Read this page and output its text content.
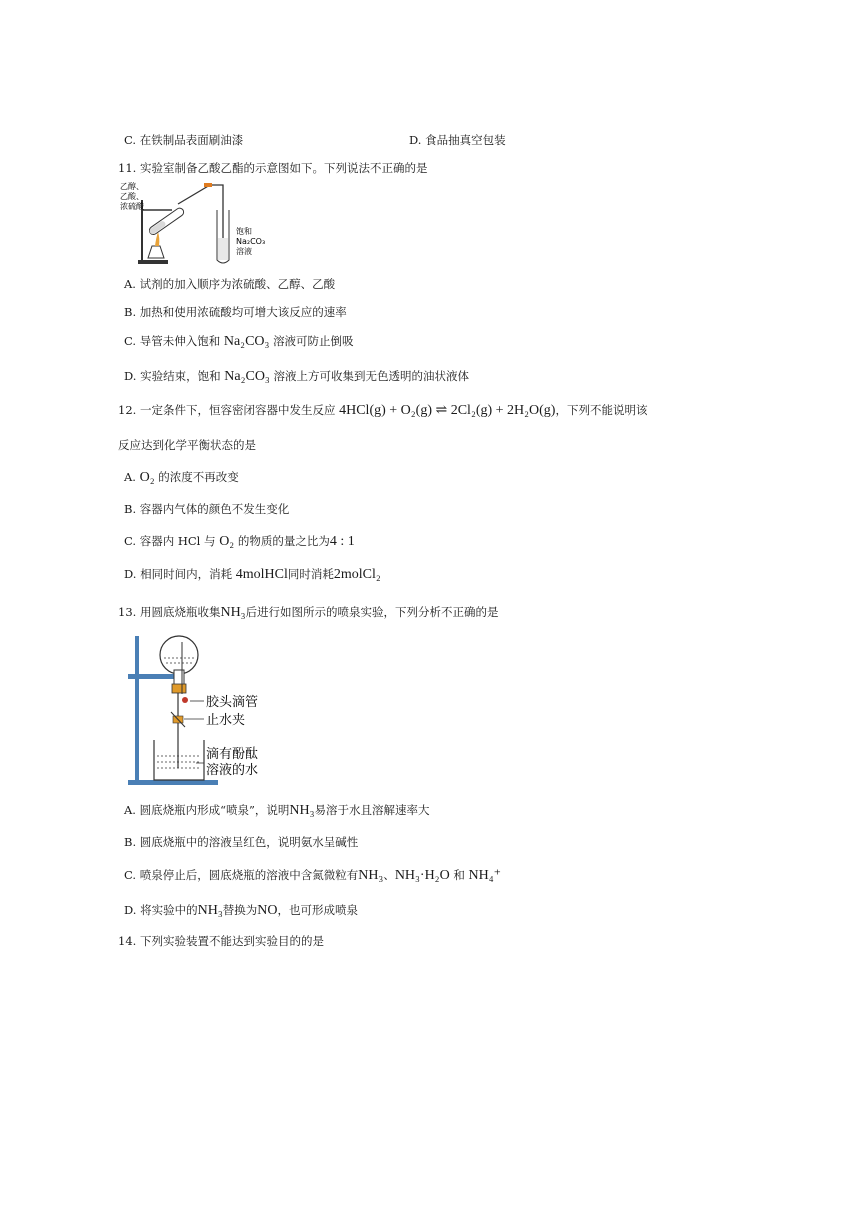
C. 在铁制品表面刷油漆	D. 食品抽真空包装
11. 实验室制备乙酸乙酯的示意图如下。下列说法不正确的是
乙醇、
乙酸、
浓硫酸
饱和
Na₂CO₃
溶液
A. 试剂的加入顺序为浓硫酸、乙醇、乙酸
B. 加热和使用浓硫酸均可增大该反应的速率
C. 导管未伸入饱和 Na₂CO₃ 溶液可防止倒吸
D. 实验结束，饱和 Na₂CO₃ 溶液上方可收集到无色透明的油状液体
12. 一定条件下，恒容密闭容器中发生反应 4HCl(g) + O₂(g) ⇌ 2Cl₂(g) + 2H₂O(g)，下列不能说明该
反应达到化学平衡状态的是
A. O₂ 的浓度不再改变
B. 容器内气体的颜色不发生变化
C. 容器内 HCl 与 O₂ 的物质的量之比为4 : 1
D. 相同时间内，消耗 4molHCl同时消耗2molCl₂
13. 用圆底烧瓶收集NH₃后进行如图所示的喷泉实验，下列分析不正确的是
胶头滴管
止水夹
滴有酚酞
溶液的水
A. 圆底烧瓶内形成“喷泉”，说明NH₃易溶于水且溶解速率大
B. 圆底烧瓶中的溶液呈红色，说明氨水呈碱性
C. 喷泉停止后，圆底烧瓶的溶液中含氮微粒有NH₃、NH₃·H₂O 和 NH₄⁺
D. 将实验中的NH₃替换为NO，也可形成喷泉
14. 下列实验装置不能达到实验目的的是
